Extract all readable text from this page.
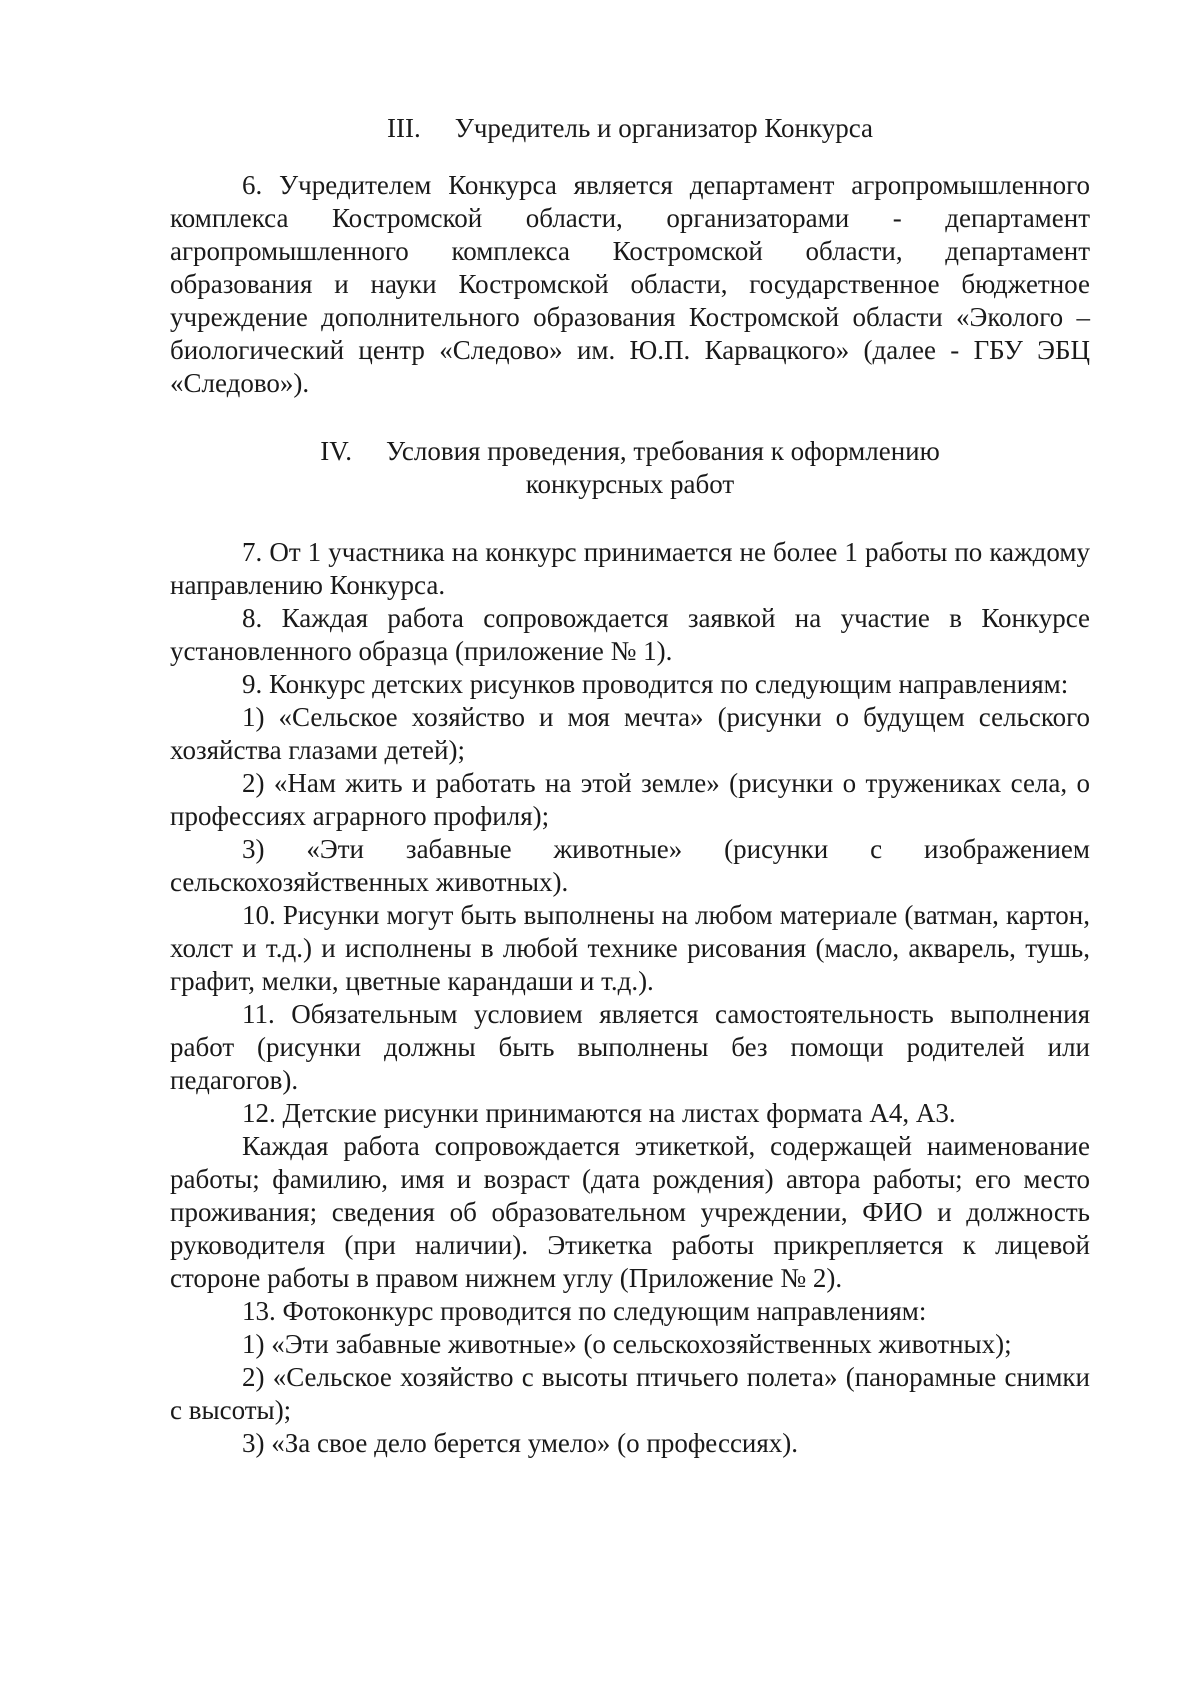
III. Учредитель и организатор Конкурса

6. Учредителем Конкурса является департамент агропромышленного комплекса Костромской области, организаторами - департамент агропромышленного комплекса Костромской области, департамент образования и науки Костромской области, государственное бюджетное учреждение дополнительного образования Костромской области «Эколого – биологический центр «Следово» им. Ю.П. Карвацкого» (далее - ГБУ ЭБЦ «Следово»).

IV. Условия проведения, требования к оформлению
конкурсных работ

7. От 1 участника на конкурс принимается не более 1 работы по каждому направлению Конкурса.

8. Каждая работа сопровождается заявкой на участие в Конкурсе установленного образца (приложение № 1).

9. Конкурс детских рисунков проводится по следующим направлениям:

1) «Сельское хозяйство и моя мечта» (рисунки о будущем сельского хозяйства глазами детей);

2) «Нам жить и работать на этой земле» (рисунки о тружениках села, о профессиях аграрного профиля);

3) «Эти забавные животные» (рисунки с изображением сельскохозяйственных животных).

10. Рисунки могут быть выполнены на любом материале (ватман, картон, холст и т.д.) и исполнены в любой технике рисования (масло, акварель, тушь, графит, мелки, цветные карандаши и т.д.).

11. Обязательным условием является самостоятельность выполнения работ (рисунки должны быть выполнены без помощи родителей или педагогов).

12. Детские рисунки принимаются на листах формата А4, А3.

Каждая работа сопровождается этикеткой, содержащей наименование работы; фамилию, имя и возраст (дата рождения) автора работы; его место проживания; сведения об образовательном учреждении, ФИО и должность руководителя (при наличии). Этикетка работы прикрепляется к лицевой стороне работы в правом нижнем углу (Приложение № 2).

13. Фотоконкурс проводится по следующим направлениям:

1) «Эти забавные животные» (о сельскохозяйственных животных);

2) «Сельское хозяйство с высоты птичьего полета» (панорамные снимки с высоты);

3) «За свое дело берется умело» (о профессиях).
